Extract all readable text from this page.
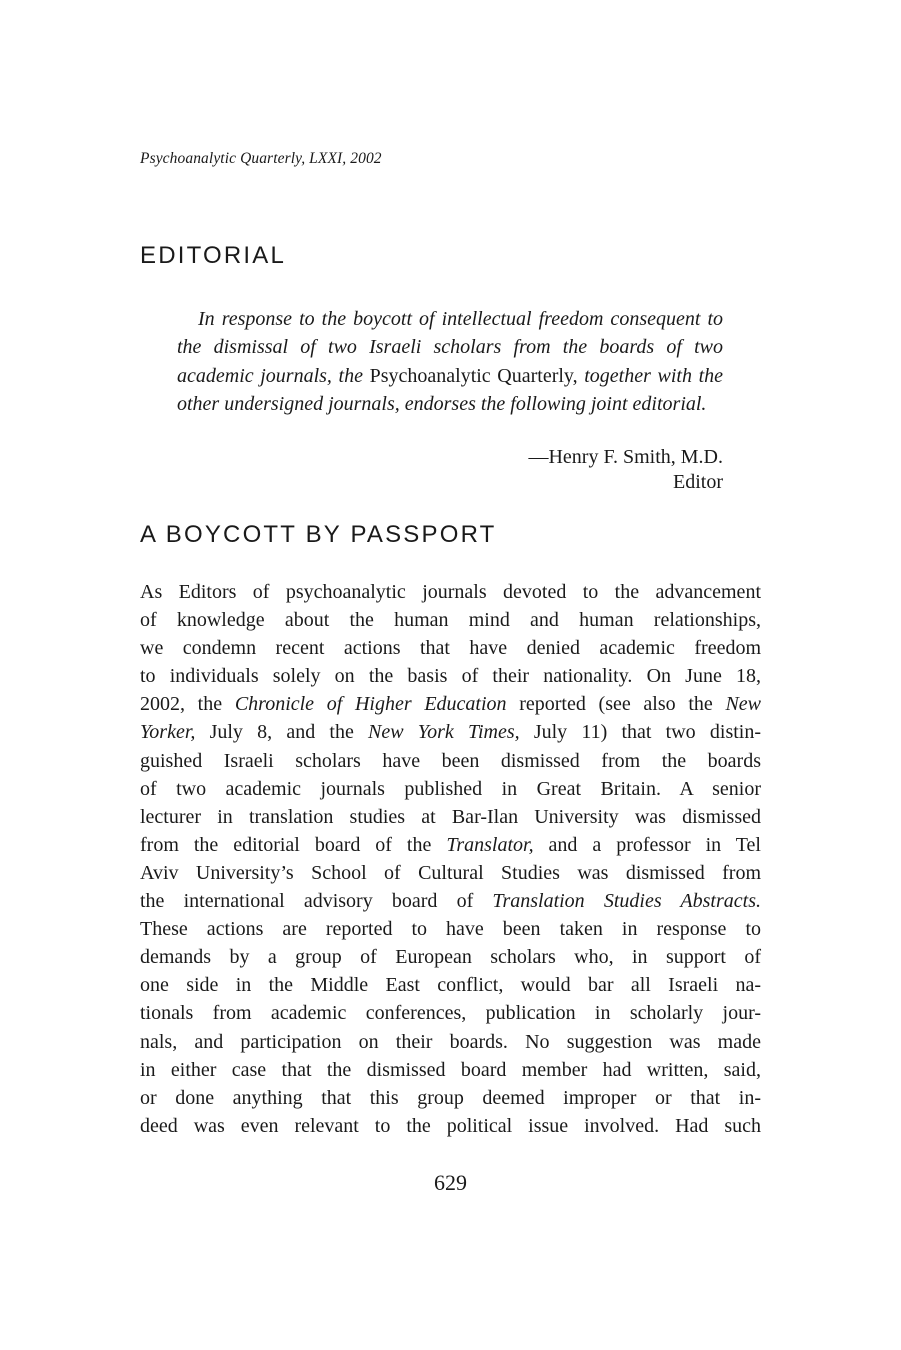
Psychoanalytic Quarterly, LXXI, 2002
EDITORIAL

In response to the boycott of intellectual freedom consequent to the dismissal of two Israeli scholars from the boards of two academic journals, the Psychoanalytic Quarterly, together with the other undersigned journals, endorses the following joint editorial.

—Henry F. Smith, M.D.
Editor
A BOYCOTT BY PASSPORT
As Editors of psychoanalytic journals devoted to the advancement
of knowledge about the human mind and human relationships,
we condemn recent actions that have denied academic freedom
to individuals solely on the basis of their nationality. On June 18,
2002, the Chronicle of Higher Education reported (see also the New
Yorker, July 8, and the New York Times, July 11) that two distin-
guished Israeli scholars have been dismissed from the boards
of two academic journals published in Great Britain. A senior
lecturer in translation studies at Bar-Ilan University was dismissed
from the editorial board of the Translator, and a professor in Tel
Aviv University’s School of Cultural Studies was dismissed from
the international advisory board of Translation Studies Abstracts.
These actions are reported to have been taken in response to
demands by a group of European scholars who, in support of
one side in the Middle East conflict, would bar all Israeli na-
tionals from academic conferences, publication in scholarly jour-
nals, and participation on their boards. No suggestion was made
in either case that the dismissed board member had written, said,
or done anything that this group deemed improper or that in-
deed was even relevant to the political issue involved. Had such
629
